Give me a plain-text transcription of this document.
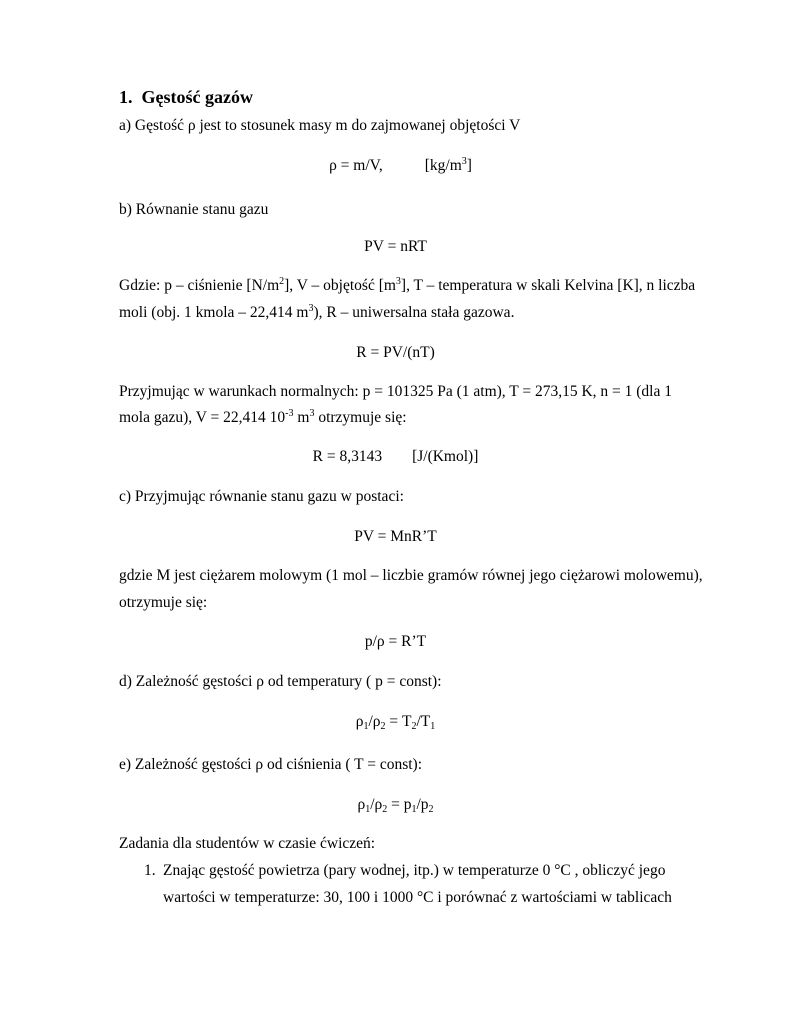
1. Gęstość gazów
a) Gęstość ρ jest to stosunek masy m do zajmowanej objętości V
ρ = m/V,	$[kg/m^3]$
b) Równanie stanu gazu
PV = nRT
Gdzie: p – ciśnienie $[N/m^2]$, V – objętość $[m^3]$, T – temperatura w skali Kelvina [K], n liczba
moli (obj. 1 kmola – 22,414 $m^3$), R – uniwersalna stała gazowa.
R = PV/(nT)
Przyjmując w warunkach normalnych: p = 101325 Pa (1 atm), T = 273,15 K, n = 1 (dla 1
mola gazu), V = 22,414 $10^{-3}$ $m^3$ otrzymuje się:
R = 8,3143 [J/(Kmol)]
c) Przyjmując równanie stanu gazu w postaci:
PV = MnR’T
gdzie M jest ciężarem molowym (1 mol – liczbie gramów równej jego ciężarowi molowemu),
otrzymuje się:
p/ρ = R’T
d) Zależność gęstości ρ od temperatury ( p = const):
$\rho_1/\rho_2 = T_2/T_1$
e) Zależność gęstości ρ od ciśnienia ( T = const):
$\rho_1/\rho_2 = p_1/p_2$
Zadania dla studentów w czasie ćwiczeń:
1. Znając gęstość powietrza (pary wodnej, itp.) w temperaturze 0 °C , obliczyć jego
wartości w temperaturze: 30, 100 i 1000 °C i porównać z wartościami w tablicach
